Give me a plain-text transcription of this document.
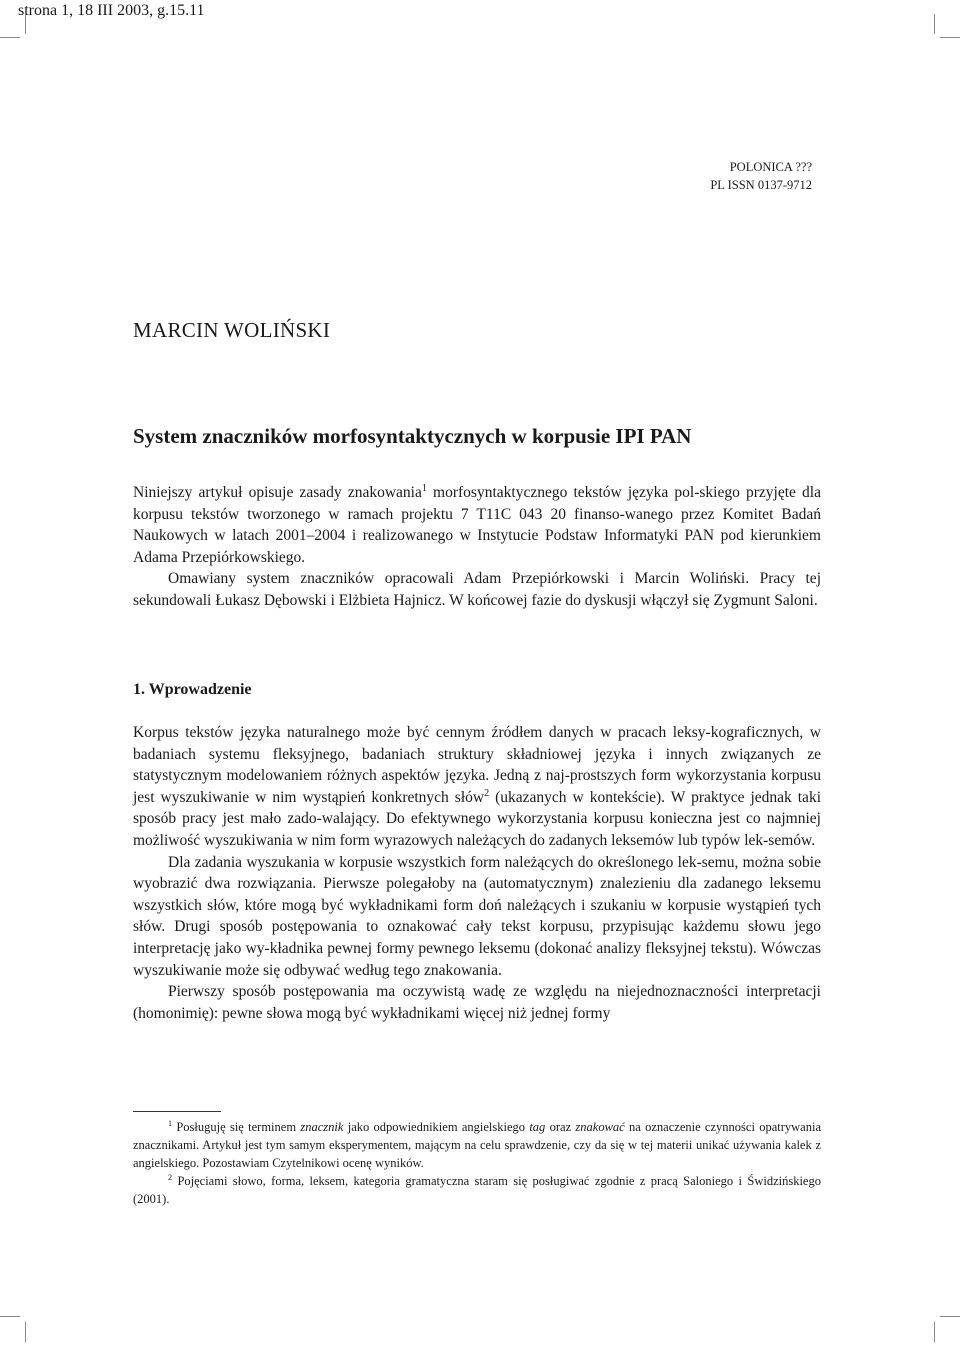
strona 1, 18 III 2003, g.15.11
POLONICA ???
PL ISSN 0137-9712
MARCIN WOLIŃSKI
System znaczników morfosyntaktycznych w korpusie IPI PAN

Niniejszy artykuł opisuje zasady znakowania$^1$ morfosyntaktycznego tekstów języka pol-skiego przyjęte dla korpusu tekstów tworzonego w ramach projektu 7 T11C 043 20 finanso-wanego przez Komitet Badań Naukowych w latach 2001–2004 i realizowanego w Instytucie Podstaw Informatyki PAN pod kierunkiem Adama Przepiórkowskiego.

Omawiany system znaczników opracowali Adam Przepiórkowski i Marcin Woliński. Pracy tej sekundowali Łukasz Dębowski i Elżbieta Hajnicz. W końcowej fazie do dyskusji włączył się Zygmunt Saloni.

1. Wprowadzenie

Korpus tekstów języka naturalnego może być cennym źródłem danych w pracach leksy-kograficznych, w badaniach systemu fleksyjnego, badaniach struktury składniowej języka i innych związanych ze statystycznym modelowaniem różnych aspektów języka. Jedną z naj-prostszych form wykorzystania korpusu jest wyszukiwanie w nim wystąpień konkretnych słów$^2$ (ukazanych w kontekście). W praktyce jednak taki sposób pracy jest mało zado-walający. Do efektywnego wykorzystania korpusu konieczna jest co najmniej możliwość wyszukiwania w nim form wyrazowych należących do zadanych leksemów lub typów lek-semów.

Dla zadania wyszukania w korpusie wszystkich form należących do określonego lek-semu, można sobie wyobrazić dwa rozwiązania. Pierwsze polegałoby na (automatycznym) znalezieniu dla zadanego leksemu wszystkich słów, które mogą być wykładnikami form doń należących i szukaniu w korpusie wystąpień tych słów. Drugi sposób postępowania to oznakować cały tekst korpusu, przypisując każdemu słowu jego interpretację jako wy-kładnika pewnej formy pewnego leksemu (dokonać analizy fleksyjnej tekstu). Wówczas wyszukiwanie może się odbywać według tego znakowania.

Pierwszy sposób postępowania ma oczywistą wadę ze względu na niejednoznaczności interpretacji (homonimię): pewne słowa mogą być wykładnikami więcej niż jednej formy

$^1$ Posługuję się terminem znacznik jako odpowiednikiem angielskiego tag oraz znakować na oznaczenie czynności opatrywania znacznikami. Artykuł jest tym samym eksperymentem, mającym na celu sprawdzenie, czy da się w tej materii unikać używania kalek z angielskiego. Pozostawiam Czytelnikowi ocenę wyników.

$^2$ Pojęciami słowo, forma, leksem, kategoria gramatyczna staram się posługiwać zgodnie z pracą Saloniego i Świdzińskiego (2001).
